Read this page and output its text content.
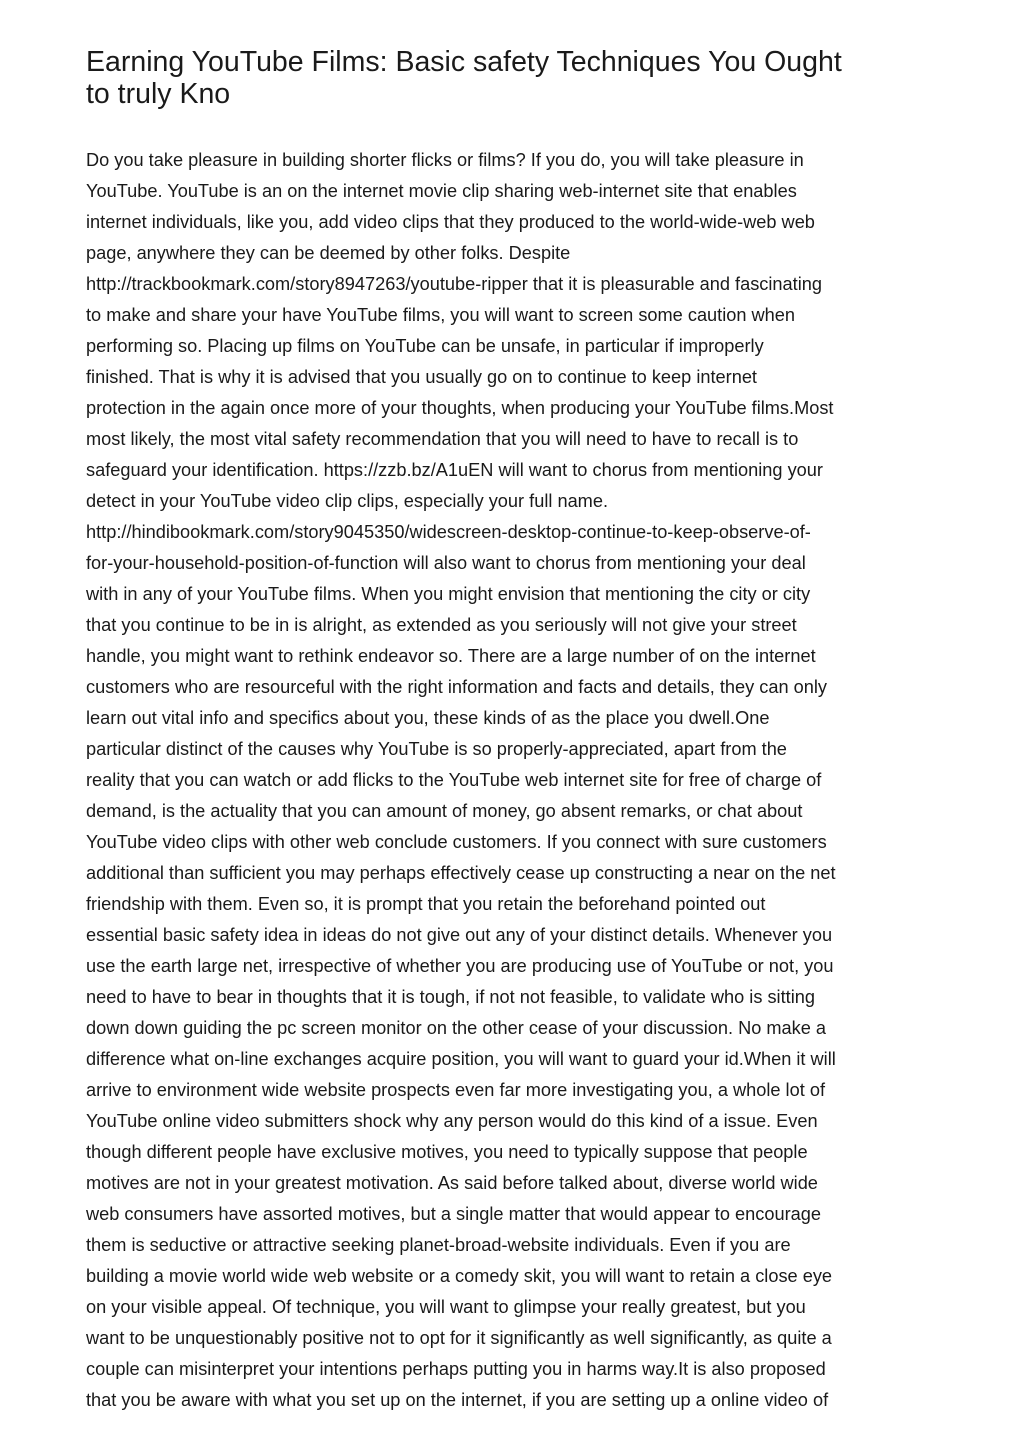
Earning YouTube Films: Basic safety Techniques You Ought
to truly Kno
Do you take pleasure in building shorter flicks or films? If you do, you will take pleasure in
YouTube. YouTube is an on the internet movie clip sharing web-internet site that enables
internet individuals, like you, add video clips that they produced to the world-wide-web web
page, anywhere they can be deemed by other folks. Despite
http://trackbookmark.com/story8947263/youtube-ripper that it is pleasurable and fascinating
to make and share your have YouTube films, you will want to screen some caution when
performing so. Placing up films on YouTube can be unsafe, in particular if improperly
finished. That is why it is advised that you usually go on to continue to keep internet
protection in the again once more of your thoughts, when producing your YouTube films.Most
most likely, the most vital safety recommendation that you will need to have to recall is to
safeguard your identification. https://zzb.bz/A1uEN will want to chorus from mentioning your
detect in your YouTube video clip clips, especially your full name.
http://hindibookmark.com/story9045350/widescreen-desktop-continue-to-keep-observe-of-
for-your-household-position-of-function will also want to chorus from mentioning your deal
with in any of your YouTube films. When you might envision that mentioning the city or city
that you continue to be in is alright, as extended as you seriously will not give your street
handle, you might want to rethink endeavor so. There are a large number of on the internet
customers who are resourceful with the right information and facts and details, they can only
learn out vital info and specifics about you, these kinds of as the place you dwell.One
particular distinct of the causes why YouTube is so properly-appreciated, apart from the
reality that you can watch or add flicks to the YouTube web internet site for free of charge of
demand, is the actuality that you can amount of money, go absent remarks, or chat about
YouTube video clips with other web conclude customers. If you connect with sure customers
additional than sufficient you may perhaps effectively cease up constructing a near on the net
friendship with them. Even so, it is prompt that you retain the beforehand pointed out
essential basic safety idea in ideas do not give out any of your distinct details. Whenever you
use the earth large net, irrespective of whether you are producing use of YouTube or not, you
need to have to bear in thoughts that it is tough, if not not feasible, to validate who is sitting
down down guiding the pc screen monitor on the other cease of your discussion. No make a
difference what on-line exchanges acquire position, you will want to guard your id.When it will
arrive to environment wide website prospects even far more investigating you, a whole lot of
YouTube online video submitters shock why any person would do this kind of a issue. Even
though different people have exclusive motives, you need to typically suppose that people
motives are not in your greatest motivation. As said before talked about, diverse world wide
web consumers have assorted motives, but a single matter that would appear to encourage
them is seductive or attractive seeking planet-broad-website individuals. Even if you are
building a movie world wide web website or a comedy skit, you will want to retain a close eye
on your visible appeal. Of technique, you will want to glimpse your really greatest, but you
want to be unquestionably positive not to opt for it significantly as well significantly, as quite a
couple can misinterpret your intentions perhaps putting you in harms way.It is also proposed
that you be aware with what you set up on the internet, if you are setting up a online video of
